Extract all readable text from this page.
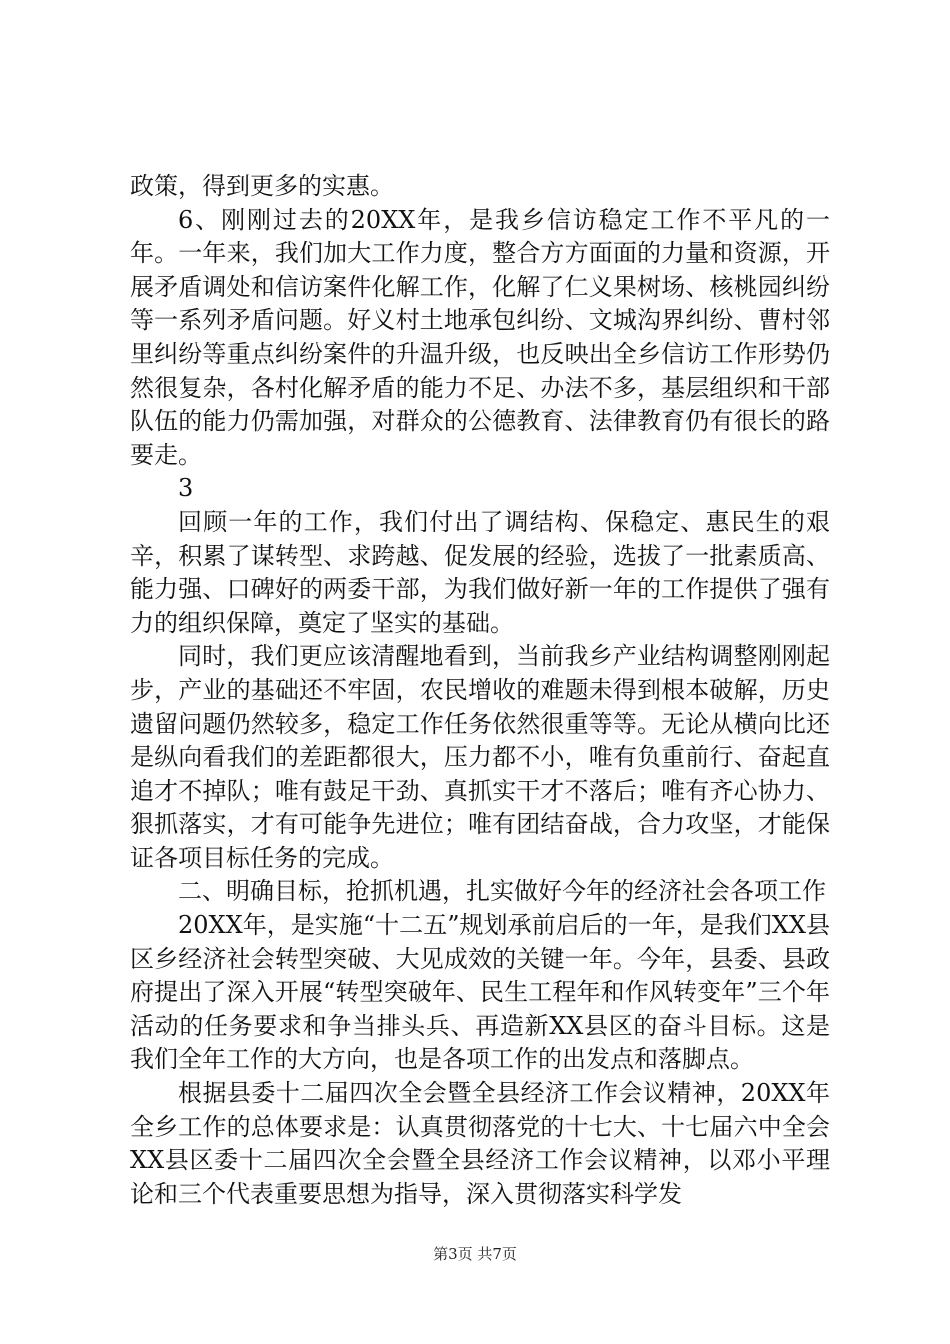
政策，得到更多的实惠。

6、刚刚过去的20XX年，是我乡信访稳定工作不平凡的一年。一年来，我们加大工作力度，整合方方面面的力量和资源，开展矛盾调处和信访案件化解工作，化解了仁义果树场、核桃园纠纷等一系列矛盾问题。好义村土地承包纠纷、文城沟界纠纷、曹村邻里纠纷等重点纠纷案件的升温升级，也反映出全乡信访工作形势仍然很复杂，各村化解矛盾的能力不足、办法不多，基层组织和干部队伍的能力仍需加强，对群众的公德教育、法律教育仍有很长的路要走。

3

回顾一年的工作，我们付出了调结构、保稳定、惠民生的艰辛，积累了谋转型、求跨越、促发展的经验，选拔了一批素质高、能力强、口碑好的两委干部，为我们做好新一年的工作提供了强有力的组织保障，奠定了坚实的基础。

同时，我们更应该清醒地看到，当前我乡产业结构调整刚刚起步，产业的基础还不牢固，农民增收的难题未得到根本破解，历史遗留问题仍然较多，稳定工作任务依然很重等等。无论从横向比还是纵向看我们的差距都很大，压力都不小，唯有负重前行、奋起直追才不掉队；唯有鼓足干劲、真抓实干才不落后；唯有齐心协力、狠抓落实，才有可能争先进位；唯有团结奋战，合力攻坚，才能保证各项目标任务的完成。

二、明确目标，抢抓机遇，扎实做好今年的经济社会各项工作

20XX年，是实施“十二五”规划承前启后的一年，是我们XX县区乡经济社会转型突破、大见成效的关键一年。今年，县委、县政府提出了深入开展“转型突破年、民生工程年和作风转变年”三个年活动的任务要求和争当排头兵、再造新XX县区的奋斗目标。这是我们全年工作的大方向，也是各项工作的出发点和落脚点。

根据县委十二届四次全会暨全县经济工作会议精神，20XX年全乡工作的总体要求是：认真贯彻落党的十七大、十七届六中全会XX县区委十二届四次全会暨全县经济工作会议精神，以邓小平理论和三个代表重要思想为指导，深入贯彻落实科学发

第3页 共7页
